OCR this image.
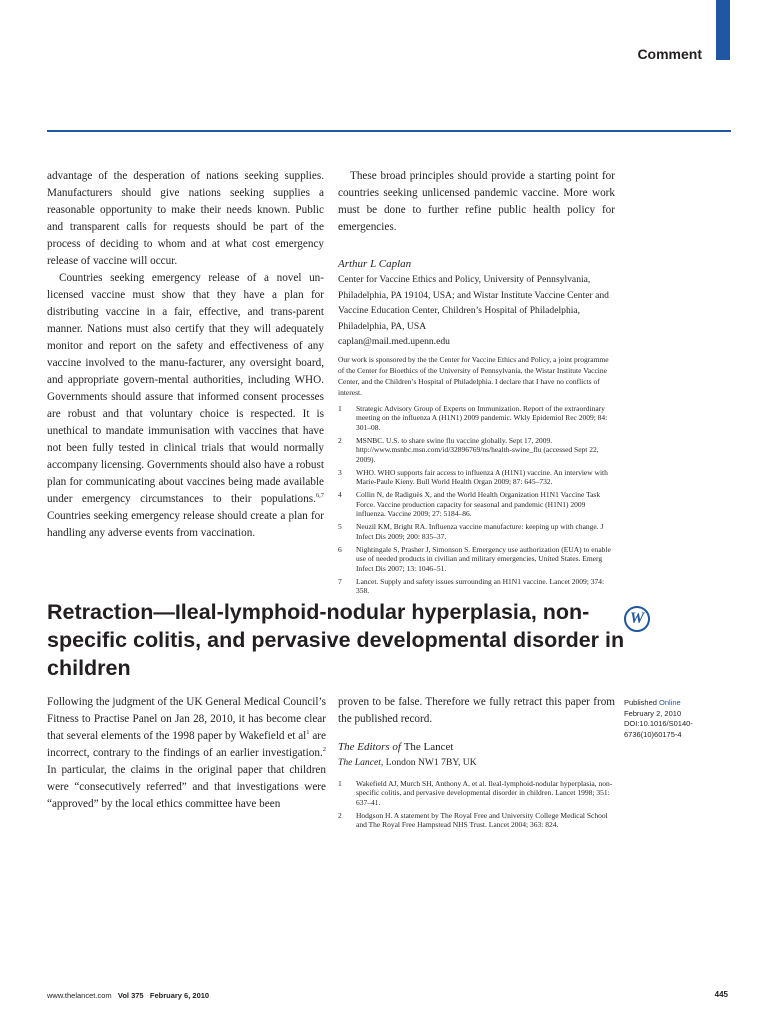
Comment

advantage of the desperation of nations seeking supplies. Manufacturers should give nations seeking supplies a reasonable opportunity to make their needs known. Public and transparent calls for requests should be part of the process of deciding to whom and at what cost emergency release of vaccine will occur.

Countries seeking emergency release of a novel un-licensed vaccine must show that they have a plan for distributing vaccine in a fair, effective, and trans-parent manner. Nations must also certify that they will adequately monitor and report on the safety and effectiveness of any vaccine involved to the manu-facturer, any oversight board, and appropriate govern-mental authorities, including WHO. Governments should assure that informed consent processes are robust and that voluntary choice is respected. It is unethical to mandate immunisation with vaccines that have not been fully tested in clinical trials that would normally accompany licensing. Governments should also have a robust plan for communicating about vaccines being made available under emergency circumstances to their populations.$^{6,7}$ Countries seeking emergency release should create a plan for handling any adverse events from vaccination.

These broad principles should provide a starting point for countries seeking unlicensed pandemic vaccine. More work must be done to further refine public health policy for emergencies.

Arthur L Caplan

Center for Vaccine Ethics and Policy, University of Pennsylvania, Philadelphia, PA 19104, USA; and Wistar Institute Vaccine Center and Vaccine Education Center, Children’s Hospital of Philadelphia, Philadelphia, PA, USA

caplan@mail.med.upenn.edu

Our work is sponsored by the the Center for Vaccine Ethics and Policy, a joint programme of the Center for Bioethics of the University of Pennsylvania, the Wistar Institute Vaccine Center, and the Children’s Hospital of Philadelphia. I declare that I have no conflicts of interest.

1 Strategic Advisory Group of Experts on Immunization. Report of the extraordinary meeting on the influenza A (H1N1) 2009 pandemic. Wkly Epidemiol Rec 2009; 84: 301–08.
2 MSNBC. U.S. to share swine flu vaccine globally. Sept 17, 2009. http://www.msnbc.msn.com/id/32896769/ns/health-swine_flu (accessed Sept 22, 2009).
3 WHO. WHO supports fair access to influenza A (H1N1) vaccine. An interview with Marie-Paule Kieny. Bull World Health Organ 2009; 87: 645–732.
4 Collin N, de Radiguès X, and the World Health Organization H1N1 Vaccine Task Force. Vaccine production capacity for seasonal and pandemic (H1N1) 2009 influenza. Vaccine 2009; 27: 5184–86.
5 Neuzil KM, Bright RA. Influenza vaccine manufacture: keeping up with change. J Infect Dis 2009; 200: 835–37.
6 Nightingale S, Prasher J, Simonson S. Emergency use authorization (EUA) to enable use of needed products in civilian and military emergencies, United States. Emerg Infect Dis 2007; 13: 1046–51.
7 Lancet. Supply and safety issues surrounding an H1N1 vaccine. Lancet 2009; 374: 358.
Retraction—Ileal-lymphoid-nodular hyperplasia, non-specific colitis, and pervasive developmental disorder in children
W

Following the judgment of the UK General Medical Council’s Fitness to Practise Panel on Jan 28, 2010, it has become clear that several elements of the 1998 paper by Wakefield et $al^1$ are incorrect, contrary to the findings of an earlier investigation.$^2$ In particular, the claims in the original paper that children were “consecutively referred” and that investigations were “approved” by the local ethics committee have been

proven to be false. Therefore we fully retract this paper from the published record.

The Editors of The Lancet

The Lancet, London NW1 7BY, UK

1 Wakefield AJ, Murch SH, Anthony A, et al. Ileal-lymphoid-nodular hyperplasia, non-specific colitis, and pervasive developmental disorder in children. Lancet 1998; 351: 637–41.
2 Hodgson H. A statement by The Royal Free and University College Medical School and The Royal Free Hampstead NHS Trust. Lancet 2004; 363: 824.
Published Online
February 2, 2010
DOI:10.1016/S0140-6736(10)60175-4
www.thelancet.com Vol 375 February 6, 2010	445
